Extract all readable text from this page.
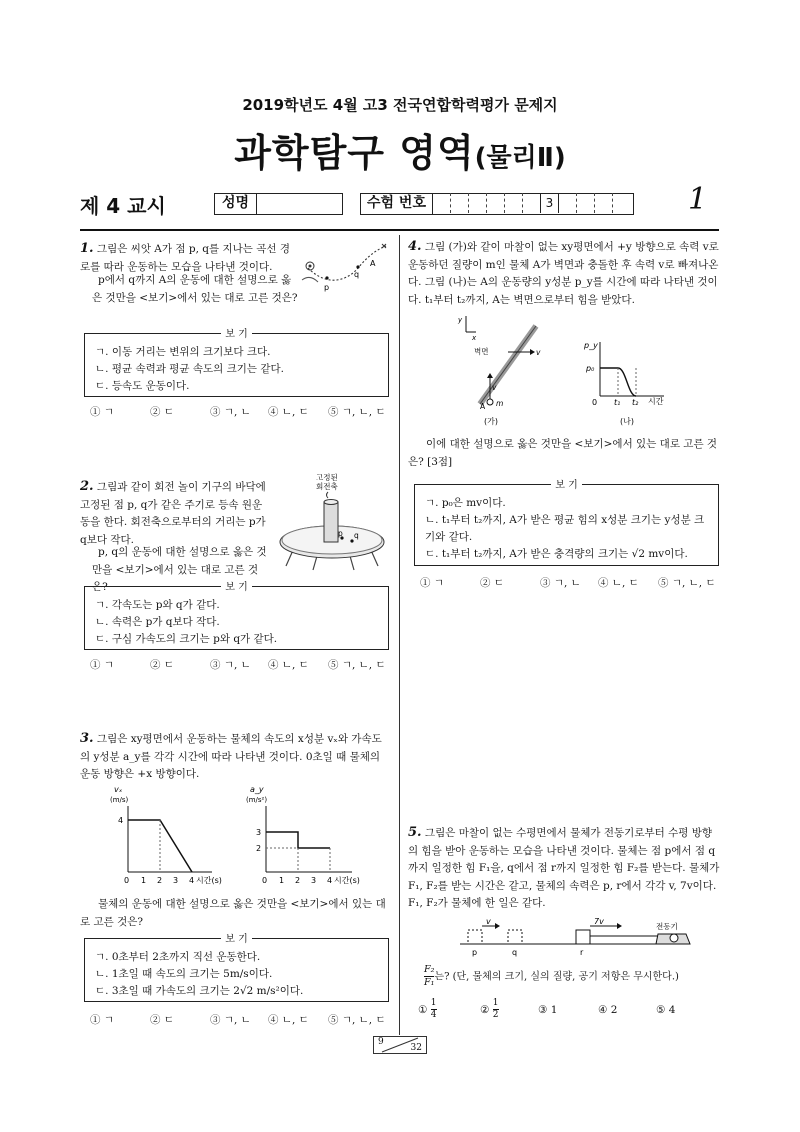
2019학년도 4월 고3 전국연합학력평가 문제지
과학탐구 영역(물리Ⅱ)
제 4 교시	성명	수험 번호	3	1
1. 그림은 씨앗 A가 점 p, q를 지나는 곡선 경로를 따라 운동하는 모습을 나타낸 것이다.
p에서 q까지 A의 운동에 대한 설명으로 옳은 것만을 <보기>에서 있는 대로 고른 것은?
p
q
A
보 기
ㄱ. 이동 거리는 변위의 크기보다 크다.
ㄴ. 평균 속력과 평균 속도의 크기는 같다.
ㄷ. 등속도 운동이다.
① ㄱ	② ㄷ	③ ㄱ, ㄴ ④ ㄴ, ㄷ ⑤ ㄱ, ㄴ, ㄷ
2. 그림과 같이 회전 놀이 기구의 바닥에 고정된 점 p, q가 같은 주기로 등속 원운동을 한다. 회전축으로부터의 거리는 p가 q보다 작다.
p, q의 운동에 대한 설명으로 옳은 것만을 <보기>에서 있는 대로 고른 것은?
고정된
회전축
p q
보 기
ㄱ. 각속도는 p와 q가 같다.
ㄴ. 속력은 p가 q보다 작다.
ㄷ. 구심 가속도의 크기는 p와 q가 같다.
① ㄱ	② ㄷ	③ ㄱ, ㄴ ④ ㄴ, ㄷ ⑤ ㄱ, ㄴ, ㄷ
3. 그림은 xy평면에서 운동하는 물체의 속도의 x성분 vₓ와 가속도의 y성분 a_y를 각각 시간에 따라 나타낸 것이다. 0초일 때 물체의 운동 방향은 +x 방향이다.
vₓ
(m/s)
4
0 1 2 3 4 시간(s)
a_y
(m/s²)
3
2
0 1 2 3 4 시간(s)
물체의 운동에 대한 설명으로 옳은 것만을 <보기>에서 있는 대로 고른 것은?
보 기
ㄱ. 0초부터 2초까지 직선 운동한다.
ㄴ. 1초일 때 속도의 크기는 5m/s이다.
ㄷ. 3초일 때 가속도의 크기는 2√2 m/s²이다.
① ㄱ	② ㄷ	③ ㄱ, ㄴ ④ ㄴ, ㄷ ⑤ ㄱ, ㄴ, ㄷ
4. 그림 (가)와 같이 마찰이 없는 xy평면에서 +y 방향으로 속력 v로 운동하던 질량이 m인 물체 A가 벽면과 충돌한 후 속력 v로 빠져나온다. 그림 (나)는 A의 운동량의 y성분 p_y를 시간에 따라 나타낸 것이다. t₁부터 t₂까지, A는 벽면으로부터 힘을 받았다.
y
x
벽면	v
v
A m
(가)
p_y
p₀
0 t₁ t₂ 시간
(나)
이에 대한 설명으로 옳은 것만을 <보기>에서 있는 대로 고른 것은? [3점]
보 기
ㄱ. p₀은 mv이다.
ㄴ. t₁부터 t₂까지, A가 받은 평균 힘의 x성분 크기는 y성분 크기와 같다.
ㄷ. t₁부터 t₂까지, A가 받은 충격량의 크기는 √2 mv이다.
① ㄱ	② ㄷ	③ ㄱ, ㄴ ④ ㄴ, ㄷ ⑤ ㄱ, ㄴ, ㄷ
5. 그림은 마찰이 없는 수평면에서 물체가 전동기로부터 수평 방향의 힘을 받아 운동하는 모습을 나타낸 것이다. 물체는 점 p에서 점 q까지 일정한 힘 F₁을, q에서 점 r까지 일정한 힘 F₂를 받는다. 물체가 F₁, F₂를 받는 시간은 같고, 물체의 속력은 p, r에서 각각 v, 7v이다. F₁, F₂가 물체에 한 일은 같다.
v	7v
전동기
p	q	r
$\frac{\text{F₂}}{\text{F₁}}$ 는? (단, 물체의 크기, 실의 질량, 공기 저항은 무시한다.)
① $\frac{1}{4}$	② $\frac{1}{2}$	③ 1	④ 2	⑤ 4
9
32
